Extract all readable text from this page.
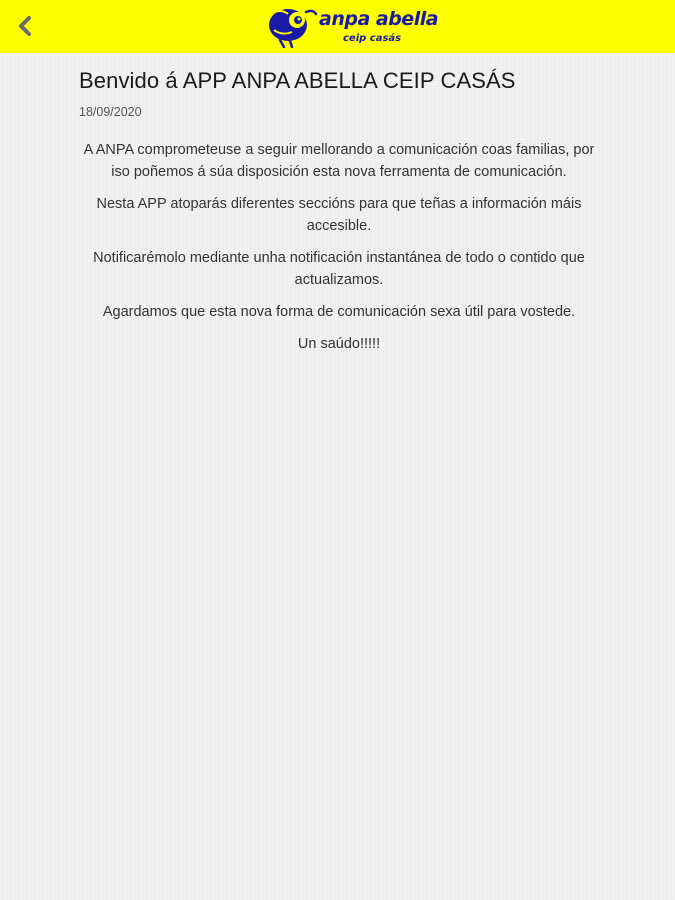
anpa abella
ceip casás
Benvido á APP ANPA ABELLA CEIP CASÁS
18/09/2020

A ANPA comprometeuse a seguir mellorando a comunicación coas familias, por iso poñemos á súa disposición esta nova ferramenta de comunicación.

Nesta APP atoparás diferentes seccións para que teñas a información máis accesible.

Notificarémolo mediante unha notificación instantánea de todo o contido que actualizamos.

Agardamos que esta nova forma de comunicación sexa útil para vostede.

Un saúdo!!!!!
